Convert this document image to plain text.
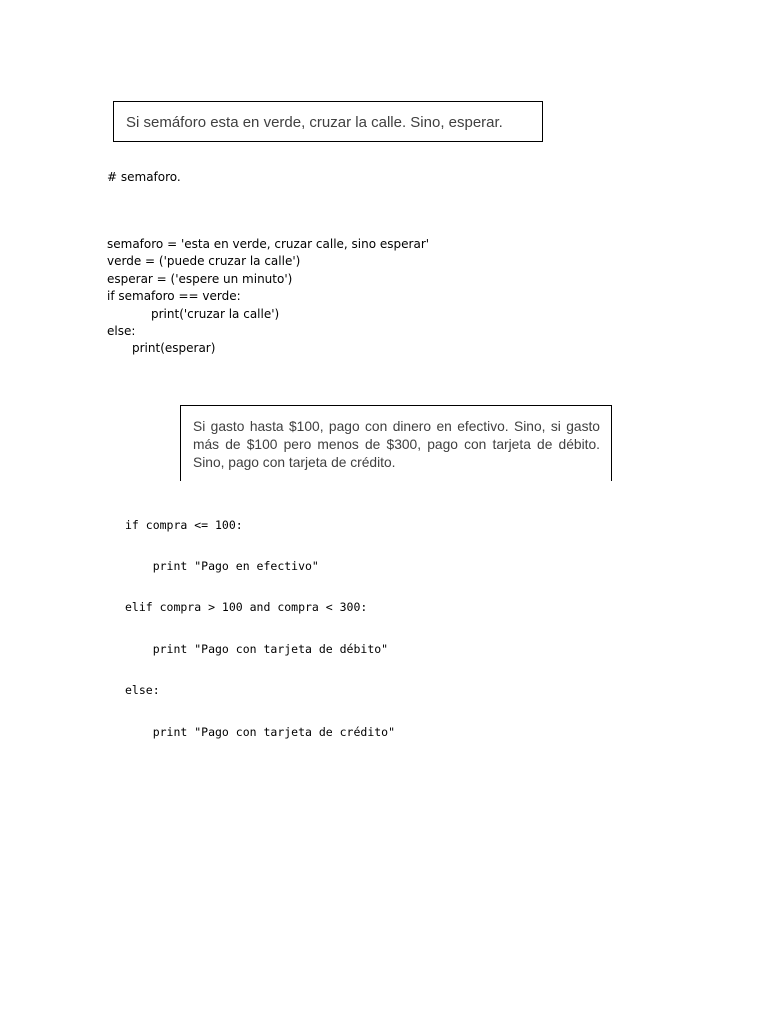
Si semáforo esta en verde, cruzar la calle. Sino, esperar.
# semaforo.
semaforo = 'esta en verde, cruzar calle, sino esperar'
verde = ('puede cruzar la calle')
esperar = ('espere un minuto')
if semaforo == verde:
print('cruzar la calle')
else:
print(esperar)
Si gasto hasta $100, pago con dinero en efectivo. Sino, si gasto más de $100 pero menos de $300, pago con tarjeta de débito. Sino, pago con tarjeta de crédito.

if compra <= 100:

print "Pago en efectivo"

elif compra > 100 and compra < 300:

print "Pago con tarjeta de débito"

else:

print "Pago con tarjeta de crédito"
